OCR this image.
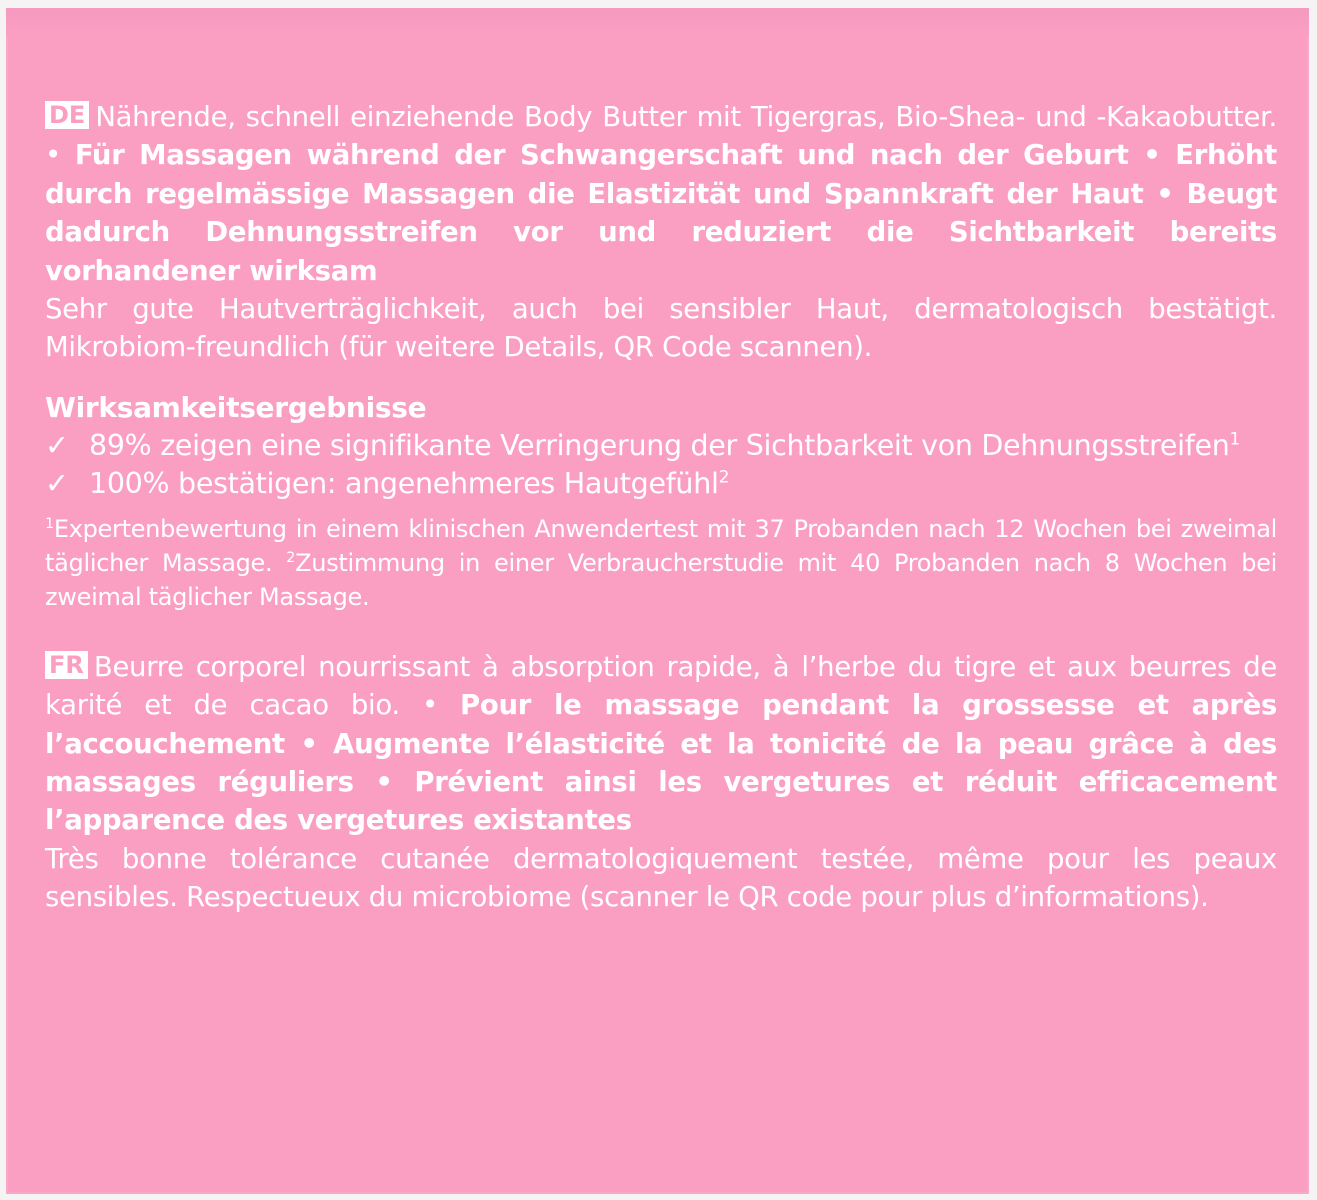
DE Nährende, schnell einziehende Body Butter mit Tigergras, Bio-Shea- und -Kakaobutter. • Für Massagen während der Schwangerschaft und nach der Geburt • Erhöht durch regelmässige Massagen die Elastizität und Spannkraft der Haut • Beugt dadurch Dehnungsstreifen vor und reduziert die Sichtbarkeit bereits vorhandener wirksam

Sehr gute Hautverträglichkeit, auch bei sensibler Haut, dermatologisch bestätigt. Mikrobiom-freundlich (für weitere Details, QR Code scannen).

Wirksamkeitsergebnisse

✓ 89% zeigen eine signifikante Verringerung der Sichtbarkeit von Dehnungsstreifen$^1$
✓ 100% bestätigen: angenehmeres Hautgefühl$^2$

$^1$Expertenbewertung in einem klinischen Anwendertest mit 37 Probanden nach 12 Wochen bei zweimal täglicher Massage. $^2$Zustimmung in einer Verbraucherstudie mit 40 Probanden nach 8 Wochen bei zweimal täglicher Massage.

FR Beurre corporel nourrissant à absorption rapide, à l’herbe du tigre et aux beurres de karité et de cacao bio. • Pour le massage pendant la grossesse et après l’accouchement • Augmente l’élasticité et la tonicité de la peau grâce à des massages réguliers • Prévient ainsi les vergetures et réduit efficacement l’apparence des vergetures existantes

Très bonne tolérance cutanée dermatologiquement testée, même pour les peaux sensibles. Respectueux du microbiome (scanner le QR code pour plus d’informations).
